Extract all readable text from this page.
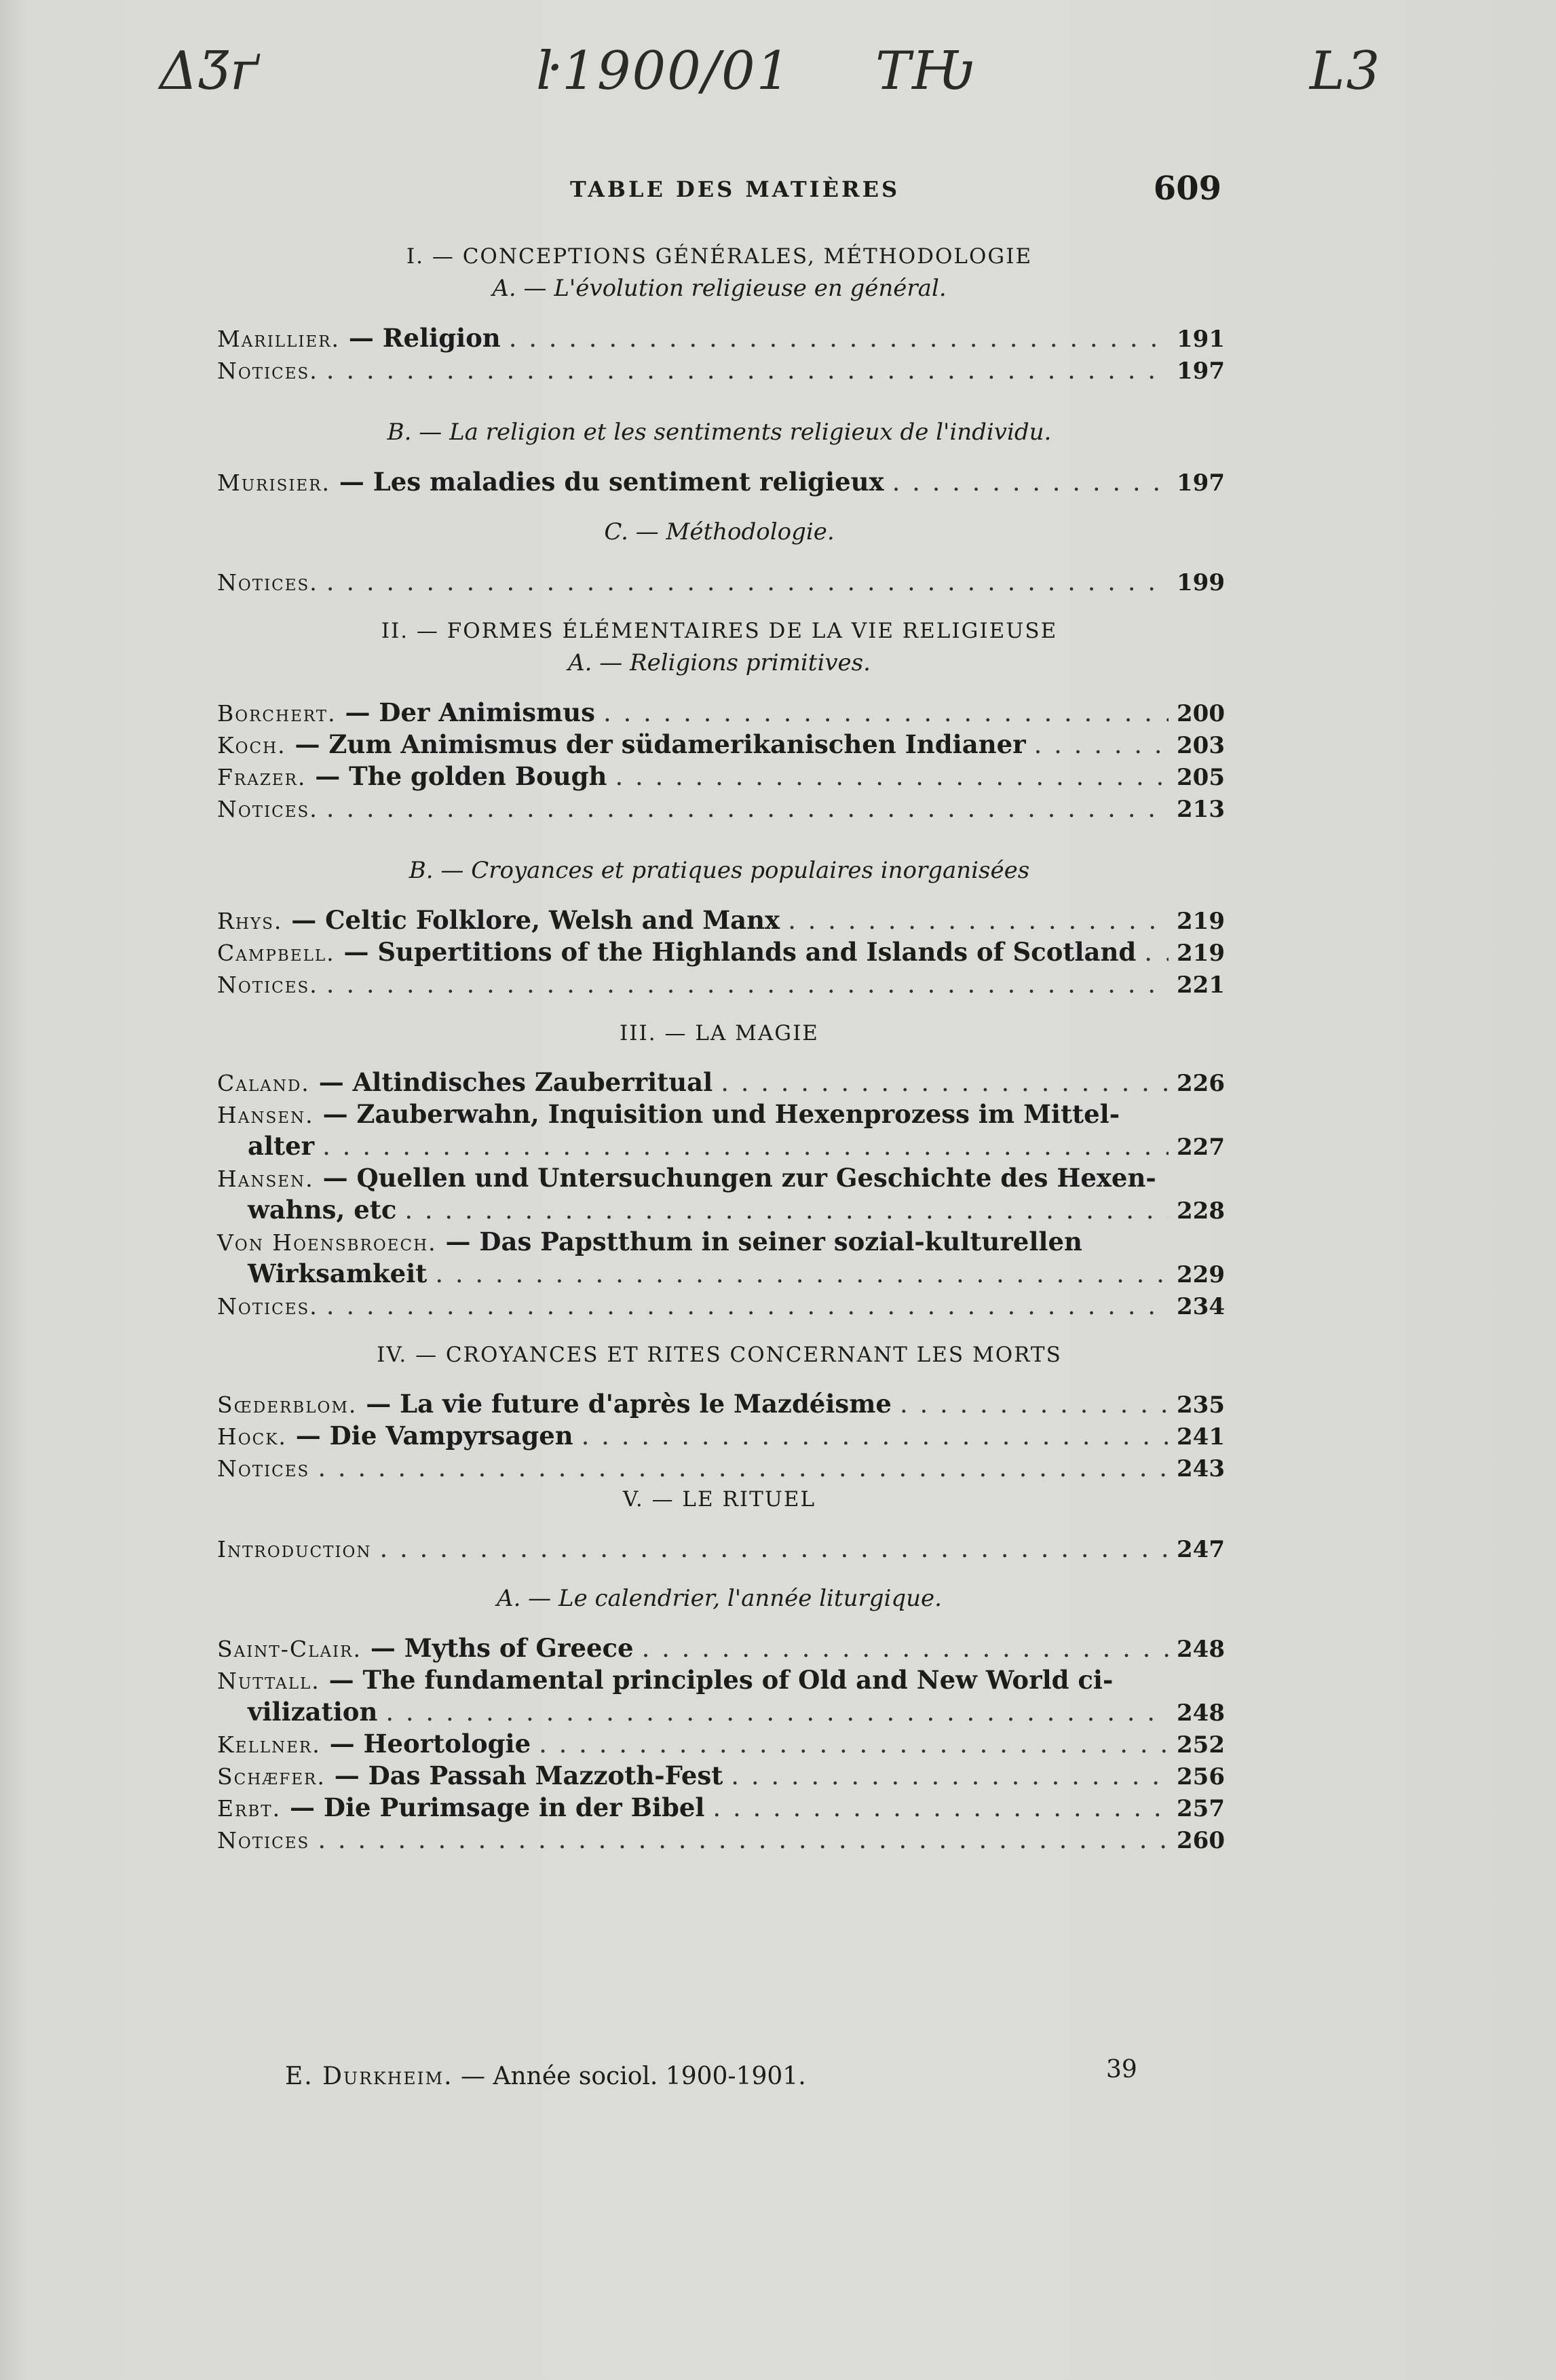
ΔӠґ	ŀ1900/01 TǶ	L3
TABLE DES MATIÈRES	609
I. — CONCEPTIONS GÉNÉRALES, MÉTHODOLOGIE
A. — L'évolution religieuse en général.
Marillier. — Religion . . .	191
Notices. . . .	197
B. — La religion et les sentiments religieux de l'individu.
Murisier. — Les maladies du sentiment religieux . . .	197
C. — Méthodologie.
Notices. . . .	199
II. — FORMES ÉLÉMENTAIRES DE LA VIE RELIGIEUSE
A. — Religions primitives.
Borchert. — Der Animismus . . .	200
Koch. — Zum Animismus der südamerikanischen Indianer . . .	203
Frazer. — The golden Bough . . .	205
Notices. . . .	213
B. — Croyances et pratiques populaires inorganisées
Rhys. — Celtic Folklore, Welsh and Manx . . .	219
Campbell. — Supertitions of the Highlands and Islands of Scotland . . . 219
Notices. . . .	221
III. — LA MAGIE
Caland. — Altindisches Zauberritual . . .	226
Hansen. — Zauberwahn, Inquisition und Hexenprozess im Mittel-
alter . . .	227
Hansen. — Quellen und Untersuchungen zur Geschichte des Hexen-
wahns, etc . . .	228
Von Hoensbroech. — Das Papstthum in seiner sozial-kulturellen
Wirksamkeit . . .	229
Notices. . . .	234
IV. — CROYANCES ET RITES CONCERNANT LES MORTS
Sœderblom. — La vie future d'après le Mazdéisme . . .	235
Hock. — Die Vampyrsagen . . .	241
Notices . . .	243
V. — LE RITUEL
Introduction . . .	247
A. — Le calendrier, l'année liturgique.
Saint-Clair. — Myths of Greece . . .	248
Nuttall. — The fundamental principles of Old and New World ci-
vilization . . .	248
Kellner. — Heortologie . . .	252
Schæfer. — Das Passah Mazzoth-Fest . . .	256
Erbt. — Die Purimsage in der Bibel . . .	257
Notices . . .	260
E. Durkheim. — Année sociol. 1900-1901.	39
